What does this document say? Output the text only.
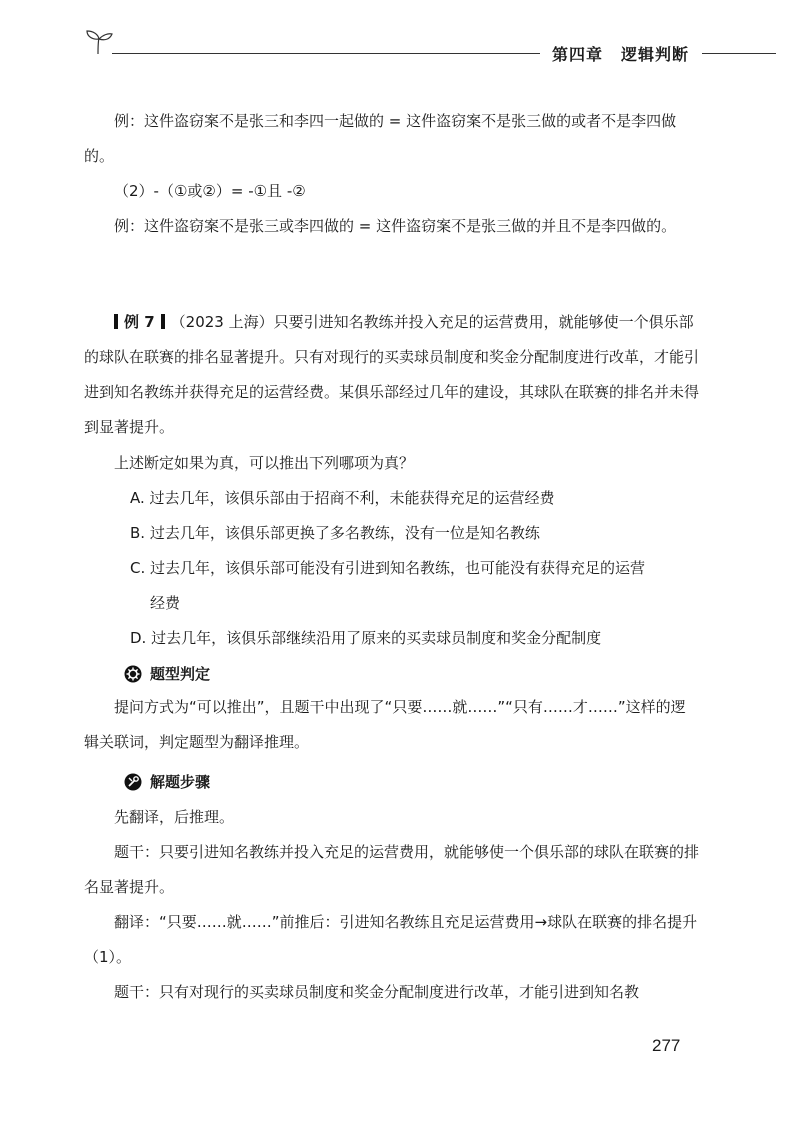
第四章 逻辑判断
例：这件盗窃案不是张三和李四一起做的 = 这件盗窃案不是张三做的或者不是李四做的。
（2）-（①或②）= -①且 -②
例：这件盗窃案不是张三或李四做的 = 这件盗窃案不是张三做的并且不是李四做的。
例 7 （2023 上海）只要引进知名教练并投入充足的运营费用，就能够使一个俱乐部的球队在联赛的排名显著提升。只有对现行的买卖球员制度和奖金分配制度进行改革，才能引进到知名教练并获得充足的运营经费。某俱乐部经过几年的建设，其球队在联赛的排名并未得到显著提升。
上述断定如果为真，可以推出下列哪项为真？
A. 过去几年，该俱乐部由于招商不利，未能获得充足的运营经费
B. 过去几年，该俱乐部更换了多名教练，没有一位是知名教练
C. 过去几年，该俱乐部可能没有引进到知名教练，也可能没有获得充足的运营
经费
D. 过去几年，该俱乐部继续沿用了原来的买卖球员制度和奖金分配制度
题型判定
提问方式为“可以推出”，且题干中出现了“只要……就……”“只有……才……”这样的逻辑关联词，判定题型为翻译推理。
解题步骤
先翻译，后推理。
题干：只要引进知名教练并投入充足的运营费用，就能够使一个俱乐部的球队在联赛的排名显著提升。
翻译：“只要……就……”前推后：引进知名教练且充足运营费用→球队在联赛的排名提升（1）。
题干：只有对现行的买卖球员制度和奖金分配制度进行改革，才能引进到知名教
277
